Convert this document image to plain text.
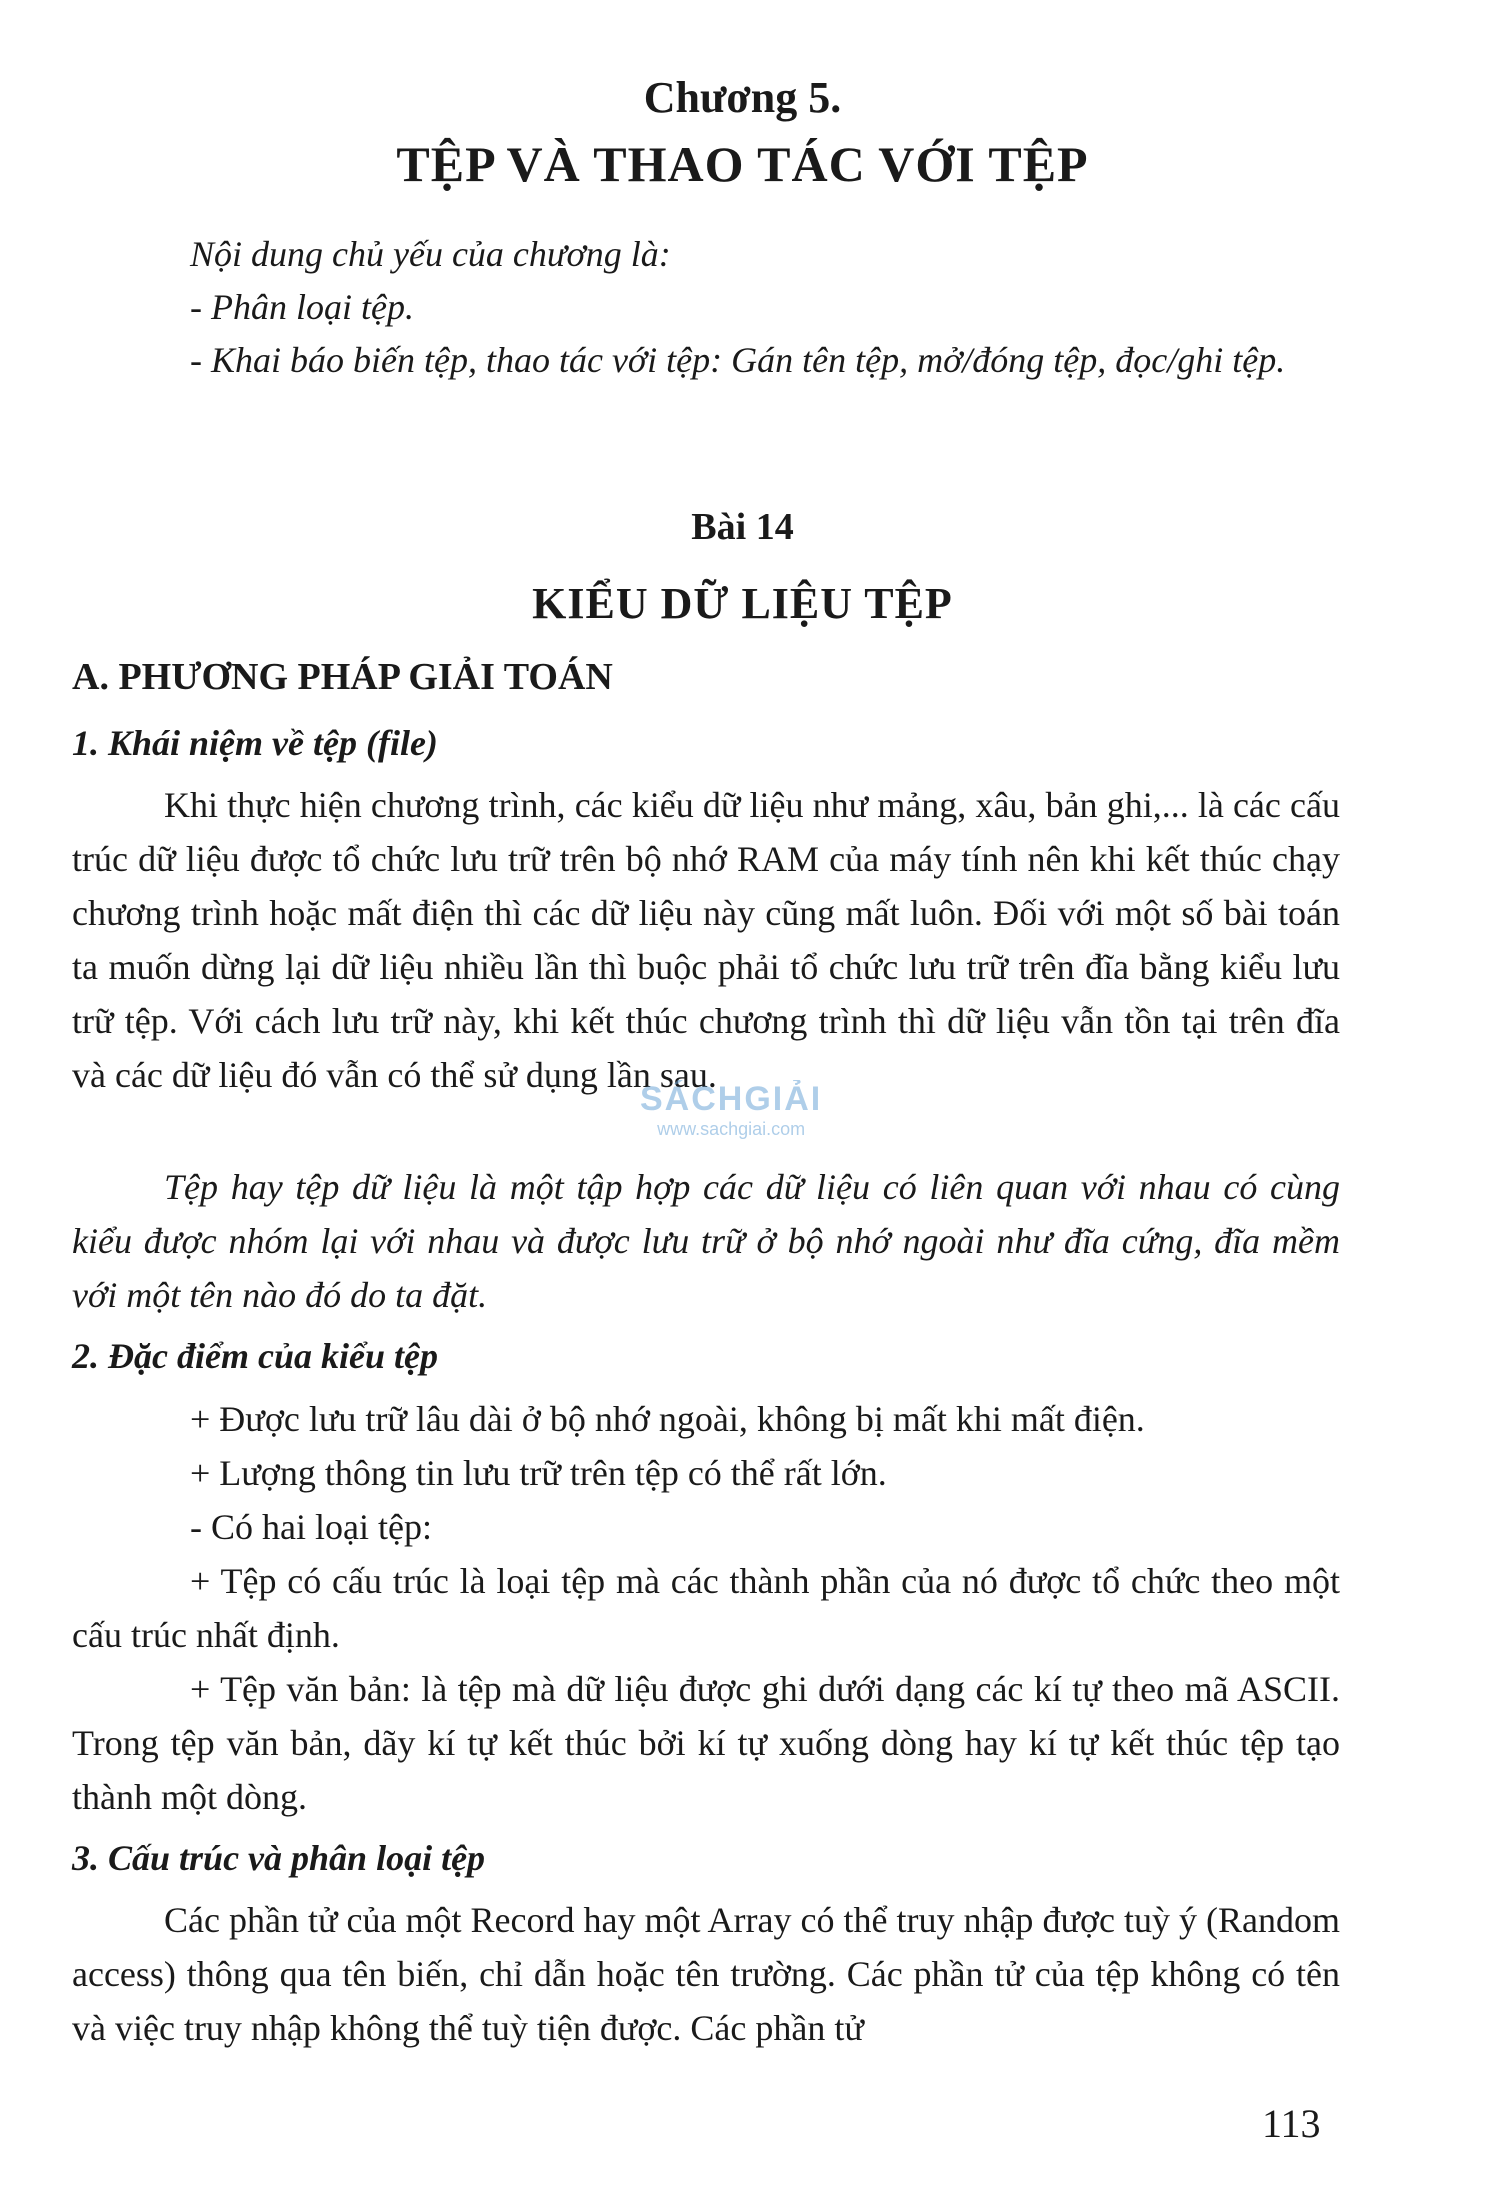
Chương 5.
TỆP VÀ THAO TÁC VỚI TỆP

Nội dung chủ yếu của chương là:

- Phân loại tệp.

- Khai báo biến tệp, thao tác với tệp: Gán tên tệp, mở/đóng tệp, đọc/ghi tệp.

Bài 14
KIỂU DỮ LIỆU TỆP
A. PHƯƠNG PHÁP GIẢI TOÁN
1. Khái niệm về tệp (file)

Khi thực hiện chương trình, các kiểu dữ liệu như mảng, xâu, bản ghi,... là các cấu trúc dữ liệu được tổ chức lưu trữ trên bộ nhớ RAM của máy tính nên khi kết thúc chạy chương trình hoặc mất điện thì các dữ liệu này cũng mất luôn. Đối với một số bài toán ta muốn dừng lại dữ liệu nhiều lần thì buộc phải tổ chức lưu trữ trên đĩa bằng kiểu lưu trữ tệp. Với cách lưu trữ này, khi kết thúc chương trình thì dữ liệu vẫn tồn tại trên đĩa và các dữ liệu đó vẫn có thể sử dụng lần sau.

Tệp hay tệp dữ liệu là một tập hợp các dữ liệu có liên quan với nhau có cùng kiểu được nhóm lại với nhau và được lưu trữ ở bộ nhớ ngoài như đĩa cứng, đĩa mềm với một tên nào đó do ta đặt.

2. Đặc điểm của kiểu tệp

+ Được lưu trữ lâu dài ở bộ nhớ ngoài, không bị mất khi mất điện.

+ Lượng thông tin lưu trữ trên tệp có thể rất lớn.

- Có hai loại tệp:

+ Tệp có cấu trúc là loại tệp mà các thành phần của nó được tổ chức theo một cấu trúc nhất định.

+ Tệp văn bản: là tệp mà dữ liệu được ghi dưới dạng các kí tự theo mã ASCII. Trong tệp văn bản, dãy kí tự kết thúc bởi kí tự xuống dòng hay kí tự kết thúc tệp tạo thành một dòng.

3. Cấu trúc và phân loại tệp

Các phần tử của một Record hay một Array có thể truy nhập được tuỳ ý (Random access) thông qua tên biến, chỉ dẫn hoặc tên trường. Các phần tử của tệp không có tên và việc truy nhập không thể tuỳ tiện được. Các phần tử

SÁCHGIẢI
www.sachgiai.com
113
